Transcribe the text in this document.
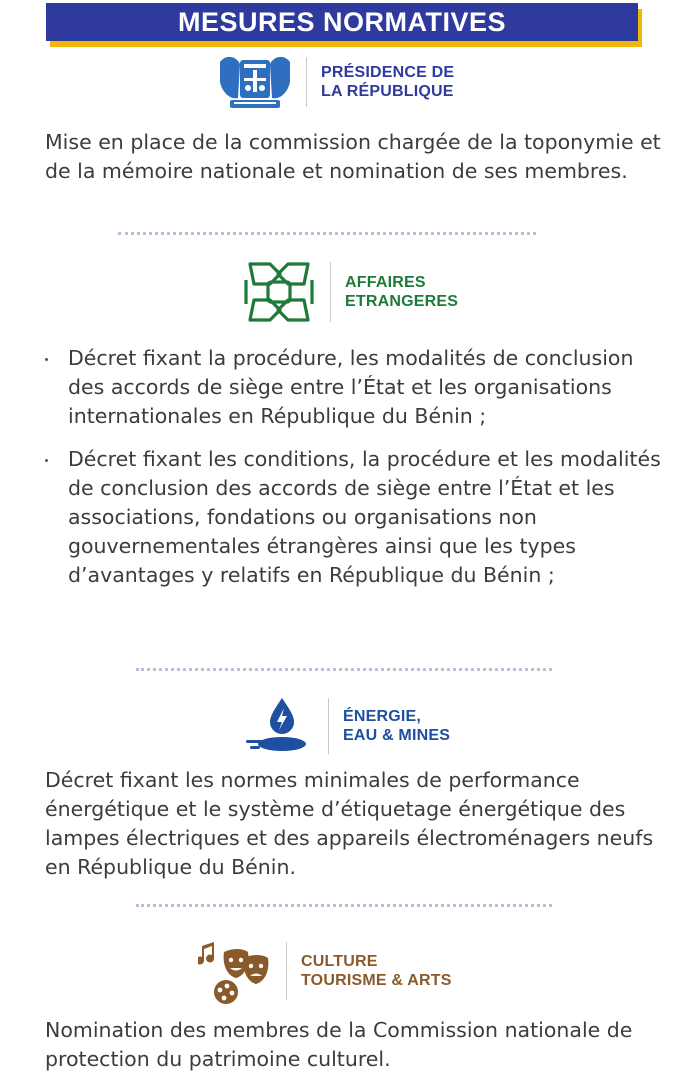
MESURES NORMATIVES
PRÉSIDENCE DE
LA RÉPUBLIQUE

Mise en place de la commission chargée de la toponymie et de la mémoire nationale et nomination de ses membres.

AFFAIRES
ETRANGERES
Décret fixant la procédure, les modalités de conclusion des accords de siège entre l’État et les organisations internationales en République du Bénin ;
Décret fixant les conditions, la procédure et les modalités de conclusion des accords de siège entre l’État et les associations, fondations ou organisations non gouvernementales étrangères ainsi que les types d’avantages y relatifs en République du Bénin ;
ÉNERGIE,
EAU & MINES

Décret fixant les normes minimales de performance énergétique et le système d’étiquetage énergétique des lampes électriques et des appareils électroménagers neufs en République du Bénin.

CULTURE
TOURISME & ARTS

Nomination des membres de la Commission nationale de protection du patrimoine culturel.
